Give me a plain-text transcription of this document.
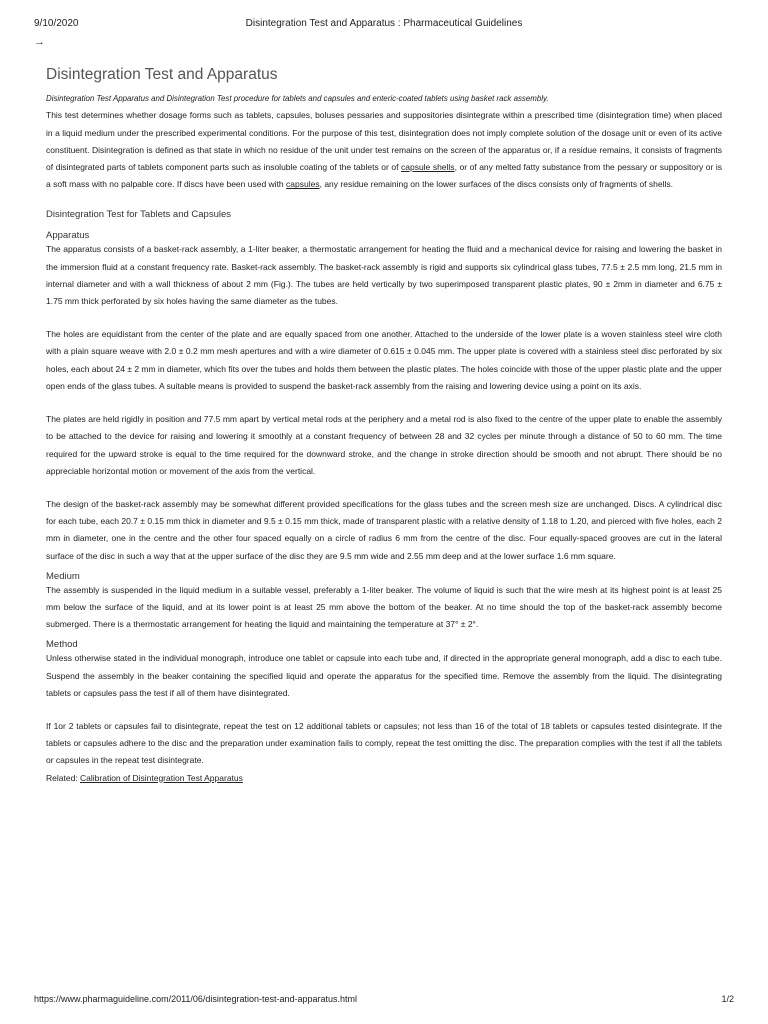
9/10/2020	Disintegration Test and Apparatus : Pharmaceutical Guidelines
→
Disintegration Test and Apparatus
Disintegration Test Apparatus and Disintegration Test procedure for tablets and capsules and enteric-coated tablets using basket rack assembly.

This test determines whether dosage forms such as tablets, capsules, boluses pessaries and suppositories disintegrate within a prescribed time (disintegration time) when placed in a liquid medium under the prescribed experimental conditions. For the purpose of this test, disintegration does not imply complete solution of the dosage unit or even of its active constituent. Disintegration is defined as that state in which no residue of the unit under test remains on the screen of the apparatus or, if a residue remains, it consists of fragments of disintegrated parts of tablets component parts such as insoluble coating of the tablets or of capsule shells, or of any melted fatty substance from the pessary or suppository or is a soft mass with no palpable core. If discs have been used with capsules, any residue remaining on the lower surfaces of the discs consists only of fragments of shells.

Disintegration Test for Tablets and Capsules
Apparatus

The apparatus consists of a basket-rack assembly, a 1-liter beaker, a thermostatic arrangement for heating the fluid and a mechanical device for raising and lowering the basket in the immersion fluid at a constant frequency rate. Basket-rack assembly. The basket-rack assembly is rigid and supports six cylindrical glass tubes, 77.5 ± 2.5 mm long, 21.5 mm in internal diameter and with a wall thickness of about 2 mm (Fig.). The tubes are held vertically by two superimposed transparent plastic plates, 90 ± 2mm in diameter and 6.75 ± 1.75 mm thick perforated by six holes having the same diameter as the tubes.

The holes are equidistant from the center of the plate and are equally spaced from one another. Attached to the underside of the lower plate is a woven stainless steel wire cloth with a plain square weave with 2.0 ± 0.2 mm mesh apertures and with a wire diameter of 0.615 ± 0.045 mm. The upper plate is covered with a stainless steel disc perforated by six holes, each about 24 ± 2 mm in diameter, which fits over the tubes and holds them between the plastic plates. The holes coincide with those of the upper plastic plate and the upper open ends of the glass tubes. A suitable means is provided to suspend the basket-rack assembly from the raising and lowering device using a point on its axis.

The plates are held rigidly in position and 77.5 mm apart by vertical metal rods at the periphery and a metal rod is also fixed to the centre of the upper plate to enable the assembly to be attached to the device for raising and lowering it smoothly at a constant frequency of between 28 and 32 cycles per minute through a distance of 50 to 60 mm. The time required for the upward stroke is equal to the time required for the downward stroke, and the change in stroke direction should be smooth and not abrupt. There should be no appreciable horizontal motion or movement of the axis from the vertical.

The design of the basket-rack assembly may be somewhat different provided specifications for the glass tubes and the screen mesh size are unchanged. Discs. A cylindrical disc for each tube, each 20.7 ± 0.15 mm thick in diameter and 9.5 ± 0.15 mm thick, made of transparent plastic with a relative density of 1.18 to 1.20, and pierced with five holes, each 2 mm in diameter, one in the centre and the other four spaced equally on a circle of radius 6 mm from the centre of the disc. Four equally-spaced grooves are cut in the lateral surface of the disc in such a way that at the upper surface of the disc they are 9.5 mm wide and 2.55 mm deep and at the lower surface 1.6 mm square.

Medium

The assembly is suspended in the liquid medium in a suitable vessel, preferably a 1-liter beaker. The volume of liquid is such that the wire mesh at its highest point is at least 25 mm below the surface of the liquid, and at its lower point is at least 25 mm above the bottom of the beaker. At no time should the top of the basket-rack assembly become submerged. There is a thermostatic arrangement for heating the liquid and maintaining the temperature at 37° ± 2°.

Method

Unless otherwise stated in the individual monograph, introduce one tablet or capsule into each tube and, if directed in the appropriate general monograph, add a disc to each tube. Suspend the assembly in the beaker containing the specified liquid and operate the apparatus for the specified time. Remove the assembly from the liquid. The disintegrating tablets or capsules pass the test if all of them have disintegrated.

If 1or 2 tablets or capsules fail to disintegrate, repeat the test on 12 additional tablets or capsules; not less than 16 of the total of 18 tablets or capsules tested disintegrate. If the tablets or capsules adhere to the disc and the preparation under examination fails to comply, repeat the test omitting the disc. The preparation complies with the test if all the tablets or capsules in the repeat test disintegrate.

Related: Calibration of Disintegration Test Apparatus

https://www.pharmaguideline.com/2011/06/disintegration-test-and-apparatus.html	1/2
